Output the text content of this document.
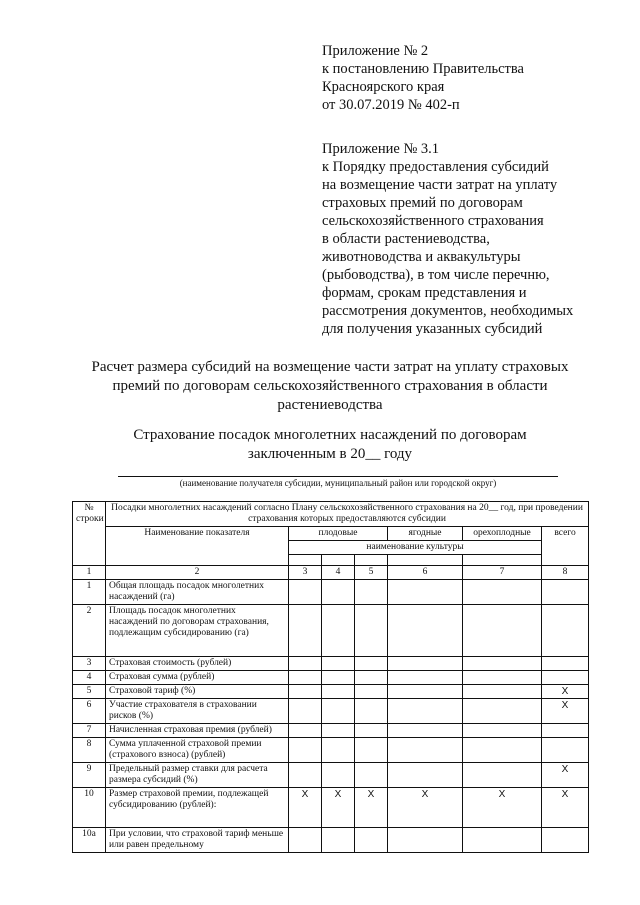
Приложение № 2
к постановлению Правительства
Красноярского края
от 30.07.2019 № 402-п
Приложение № 3.1
к Порядку предоставления субсидий
на возмещение части затрат на уплату
страховых премий по договорам
сельскохозяйственного страхования
в области растениеводства,
животноводства и аквакультуры
(рыбоводства), в том числе перечню,
формам, срокам представления и
рассмотрения документов, необходимых
для получения указанных субсидий
Расчет размера субсидий на возмещение части затрат на уплату страховых
премий по договорам сельскохозяйственного страхования в области
растениеводства
Страхование посадок многолетних насаждений по договорам
заключенным в 20__ году
(наименование получателя субсидии, муниципальный район или городской округ)
№ строки	Посадки многолетних насаждений согласно Плану сельскохозяйственного страхования на 20__ год, при проведении страхования которых предоставляются субсидии						
	Наименование показателя	плодовые			ягодные	орехоплодные	всего
		наименование культуры					

1	2	3	4	5	6	7	8
1	Общая площадь посадок многолетних насаждений (га)						
2	Площадь посадок многолетних насаждений по договорам страхования, подлежащим субсидированию (га)						
3	Страховая стоимость (рублей)						
4	Страховая сумма (рублей)						
5	Страховой тариф (%)						Х
6	Участие страхователя в страховании рисков (%)						Х
7	Начисленная страховая премия (рублей)						
8	Сумма уплаченной страховой премии (страхового взноса) (рублей)						
9	Предельный размер ставки для расчета размера субсидий (%)						Х
10	Размер страховой премии, подлежащей субсидированию (рублей):	Х	Х	Х	Х	Х	Х
10а	При условии, что страховой тариф меньше или равен предельному						
